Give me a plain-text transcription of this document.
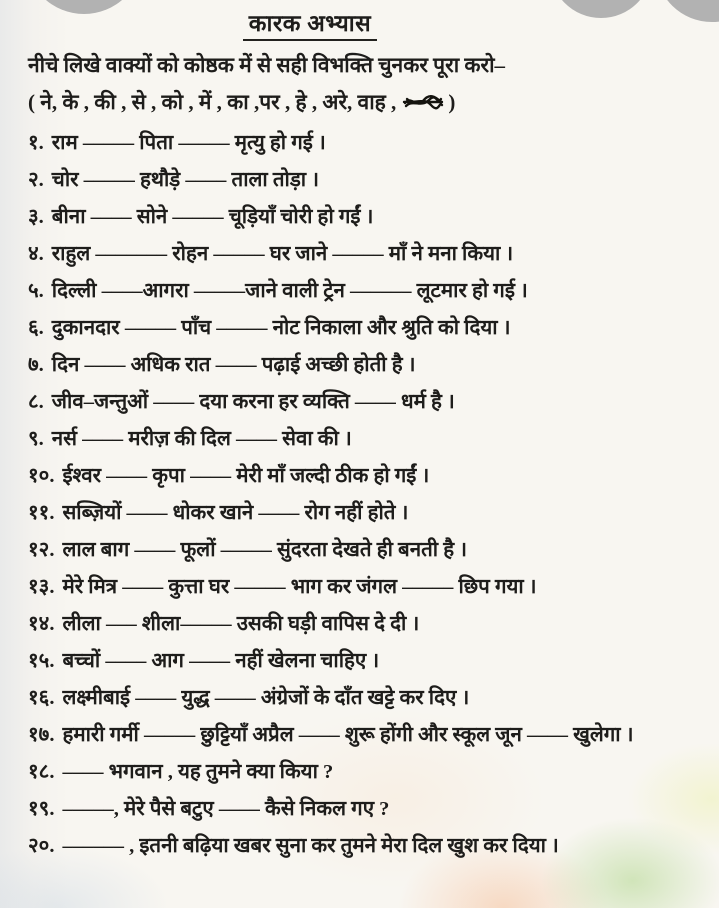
कारक अभ्यास

नीचे लिखे वाक्यों को कोष्ठक में से सही विभक्ति चुनकर पूरा करो–

( ने, के , की , से , को , में , का ,पर , हे , अरे, वाह , )

१. राम ––––– पिता ––––– मृत्यु हो गई ।
२. चोर ––––– हथौड़े –––– ताला तोड़ा ।
३. बीना –––– सोने ––––– चूड़ियाँ चोरी हो गईं ।
४. राहुल ––––––– रोहन ––––– घर जाने ––––– माँ ने मना किया ।
५. दिल्ली ––––आगरा –––––जाने वाली ट्रेन –––––– लूटमार हो गई ।
६. दुकानदार ––––– पाँच ––––– नोट निकाला और श्रुति को दिया ।
७. दिन –––– अधिक रात –––– पढ़ाई अच्छी होती है ।
८. जीव–जन्तुओं –––– दया करना हर व्यक्ति –––– धर्म है ।
९. नर्स –––– मरीज़ की दिल –––– सेवा की ।
१०. ईश्वर –––– कृपा –––– मेरी माँ जल्दी ठीक हो गईं ।
११. सब्ज़ियों –––– धोकर खाने –––– रोग नहीं होते ।
१२. लाल बाग –––– फूलों ––––– सुंदरता देखते ही बनती है ।
१३. मेरे मित्र –––– कुत्ता घर ––––– भाग कर जंगल ––––– छिप गया ।
१४. लीला ––– शीला––––– उसकी घड़ी वापिस दे दी ।
१५. बच्चों –––– आग –––– नहीं खेलना चाहिए ।
१६. लक्ष्मीबाई –––– युद्ध –––– अंग्रेजों के दाँत खट्टे कर दिए ।
१७. हमारी गर्मी ––––– छुट्टियाँ अप्रैल –––– शुरू होंगी और स्कूल जून –––– खुलेगा ।
१८. –––– भगवान , यह तुमने क्या किया ?
१९. –––––, मेरे पैसे बटुए –––– कैसे निकल गए ?
२०. –––––– , इतनी बढ़िया खबर सुना कर तुमने मेरा दिल खुश कर दिया ।
